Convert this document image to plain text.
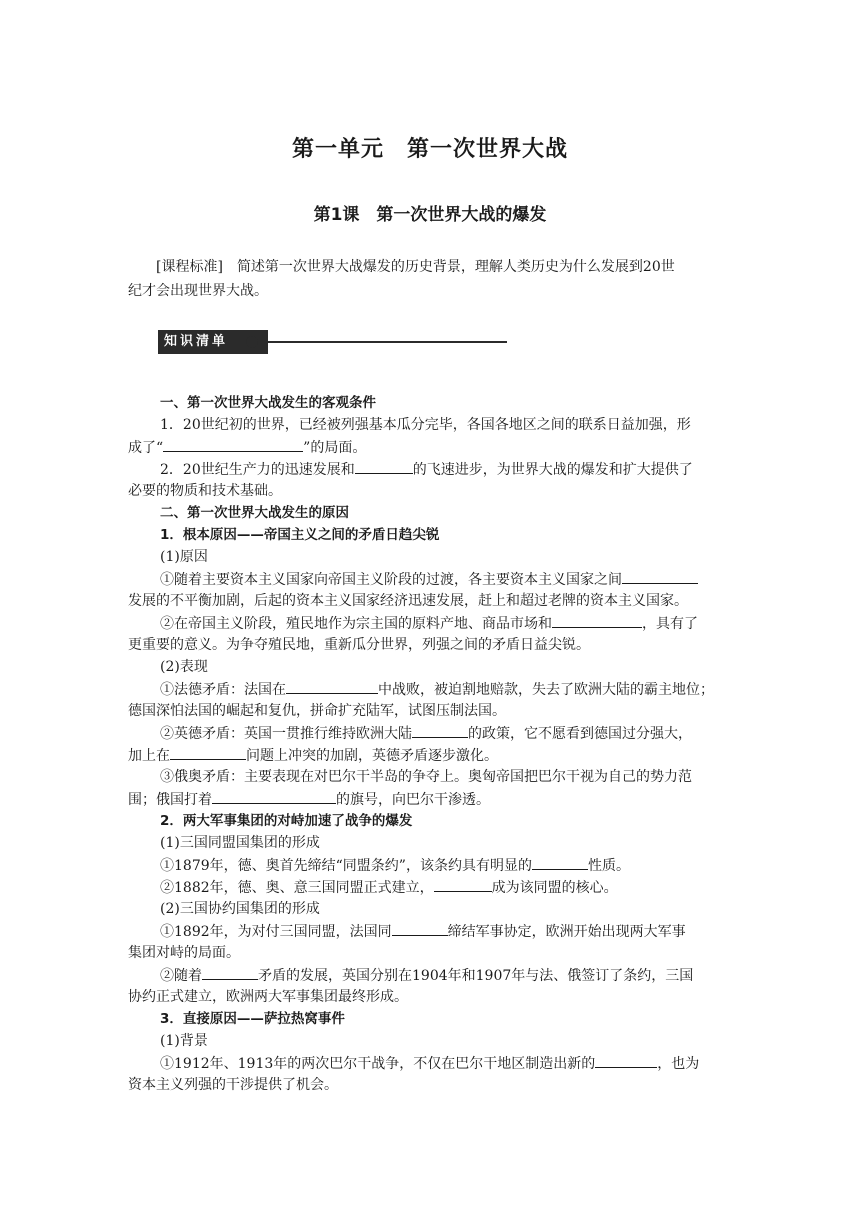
第一单元　第一次世界大战
第1课　第一次世界大战的爆发
[课程标准]　 简述第一次世界大战爆发的历史背景，理解人类历史为什么发展到20世
纪才会出现世界大战。
知识清单
一、第一次世界大战发生的客观条件
1．20世纪初的世界，已经被列强基本瓜分完毕，各国各地区之间的联系日益加强，形
成了“	”的局面。
2．20世纪生产力的迅速发展和	的飞速进步，为世界大战的爆发和扩大提供了
必要的物质和技术基础。
二、第一次世界大战发生的原因
1．根本原因——帝国主义之间的矛盾日趋尖锐
(1)原因
①随着主要资本主义国家向帝国主义阶段的过渡，各主要资本主义国家之间
发展的不平衡加剧，后起的资本主义国家经济迅速发展，赶上和超过老牌的资本主义国家。
②在帝国主义阶段，殖民地作为宗主国的原料产地、商品市场和	，具有了
更重要的意义。为争夺殖民地，重新瓜分世界，列强之间的矛盾日益尖锐。
(2)表现
①法德矛盾：法国在	中战败，被迫割地赔款，失去了欧洲大陆的霸主地位；
德国深怕法国的崛起和复仇，拼命扩充陆军，试图压制法国。
②英德矛盾：英国一贯推行维持欧洲大陆	的政策，它不愿看到德国过分强大，
加上在	问题上冲突的加剧，英德矛盾逐步激化。
③俄奥矛盾：主要表现在对巴尔干半岛的争夺上。奥匈帝国把巴尔干视为自己的势力范
围；俄国打着	的旗号，向巴尔干渗透。
2．两大军事集团的对峙加速了战争的爆发
(1)三国同盟国集团的形成
①1879年，德、奥首先缔结“同盟条约”，该条约具有明显的	性质。
②1882年，德、奥、意三国同盟正式建立，	成为该同盟的核心。
(2)三国协约国集团的形成
①1892年，为对付三国同盟，法国同	缔结军事协定，欧洲开始出现两大军事
集团对峙的局面。
②随着	矛盾的发展，英国分别在1904年和1907年与法、俄签订了条约，三国
协约正式建立，欧洲两大军事集团最终形成。
3．直接原因——萨拉热窝事件
(1)背景
①1912年、1913年的两次巴尔干战争，不仅在巴尔干地区制造出新的	，也为
资本主义列强的干涉提供了机会。
